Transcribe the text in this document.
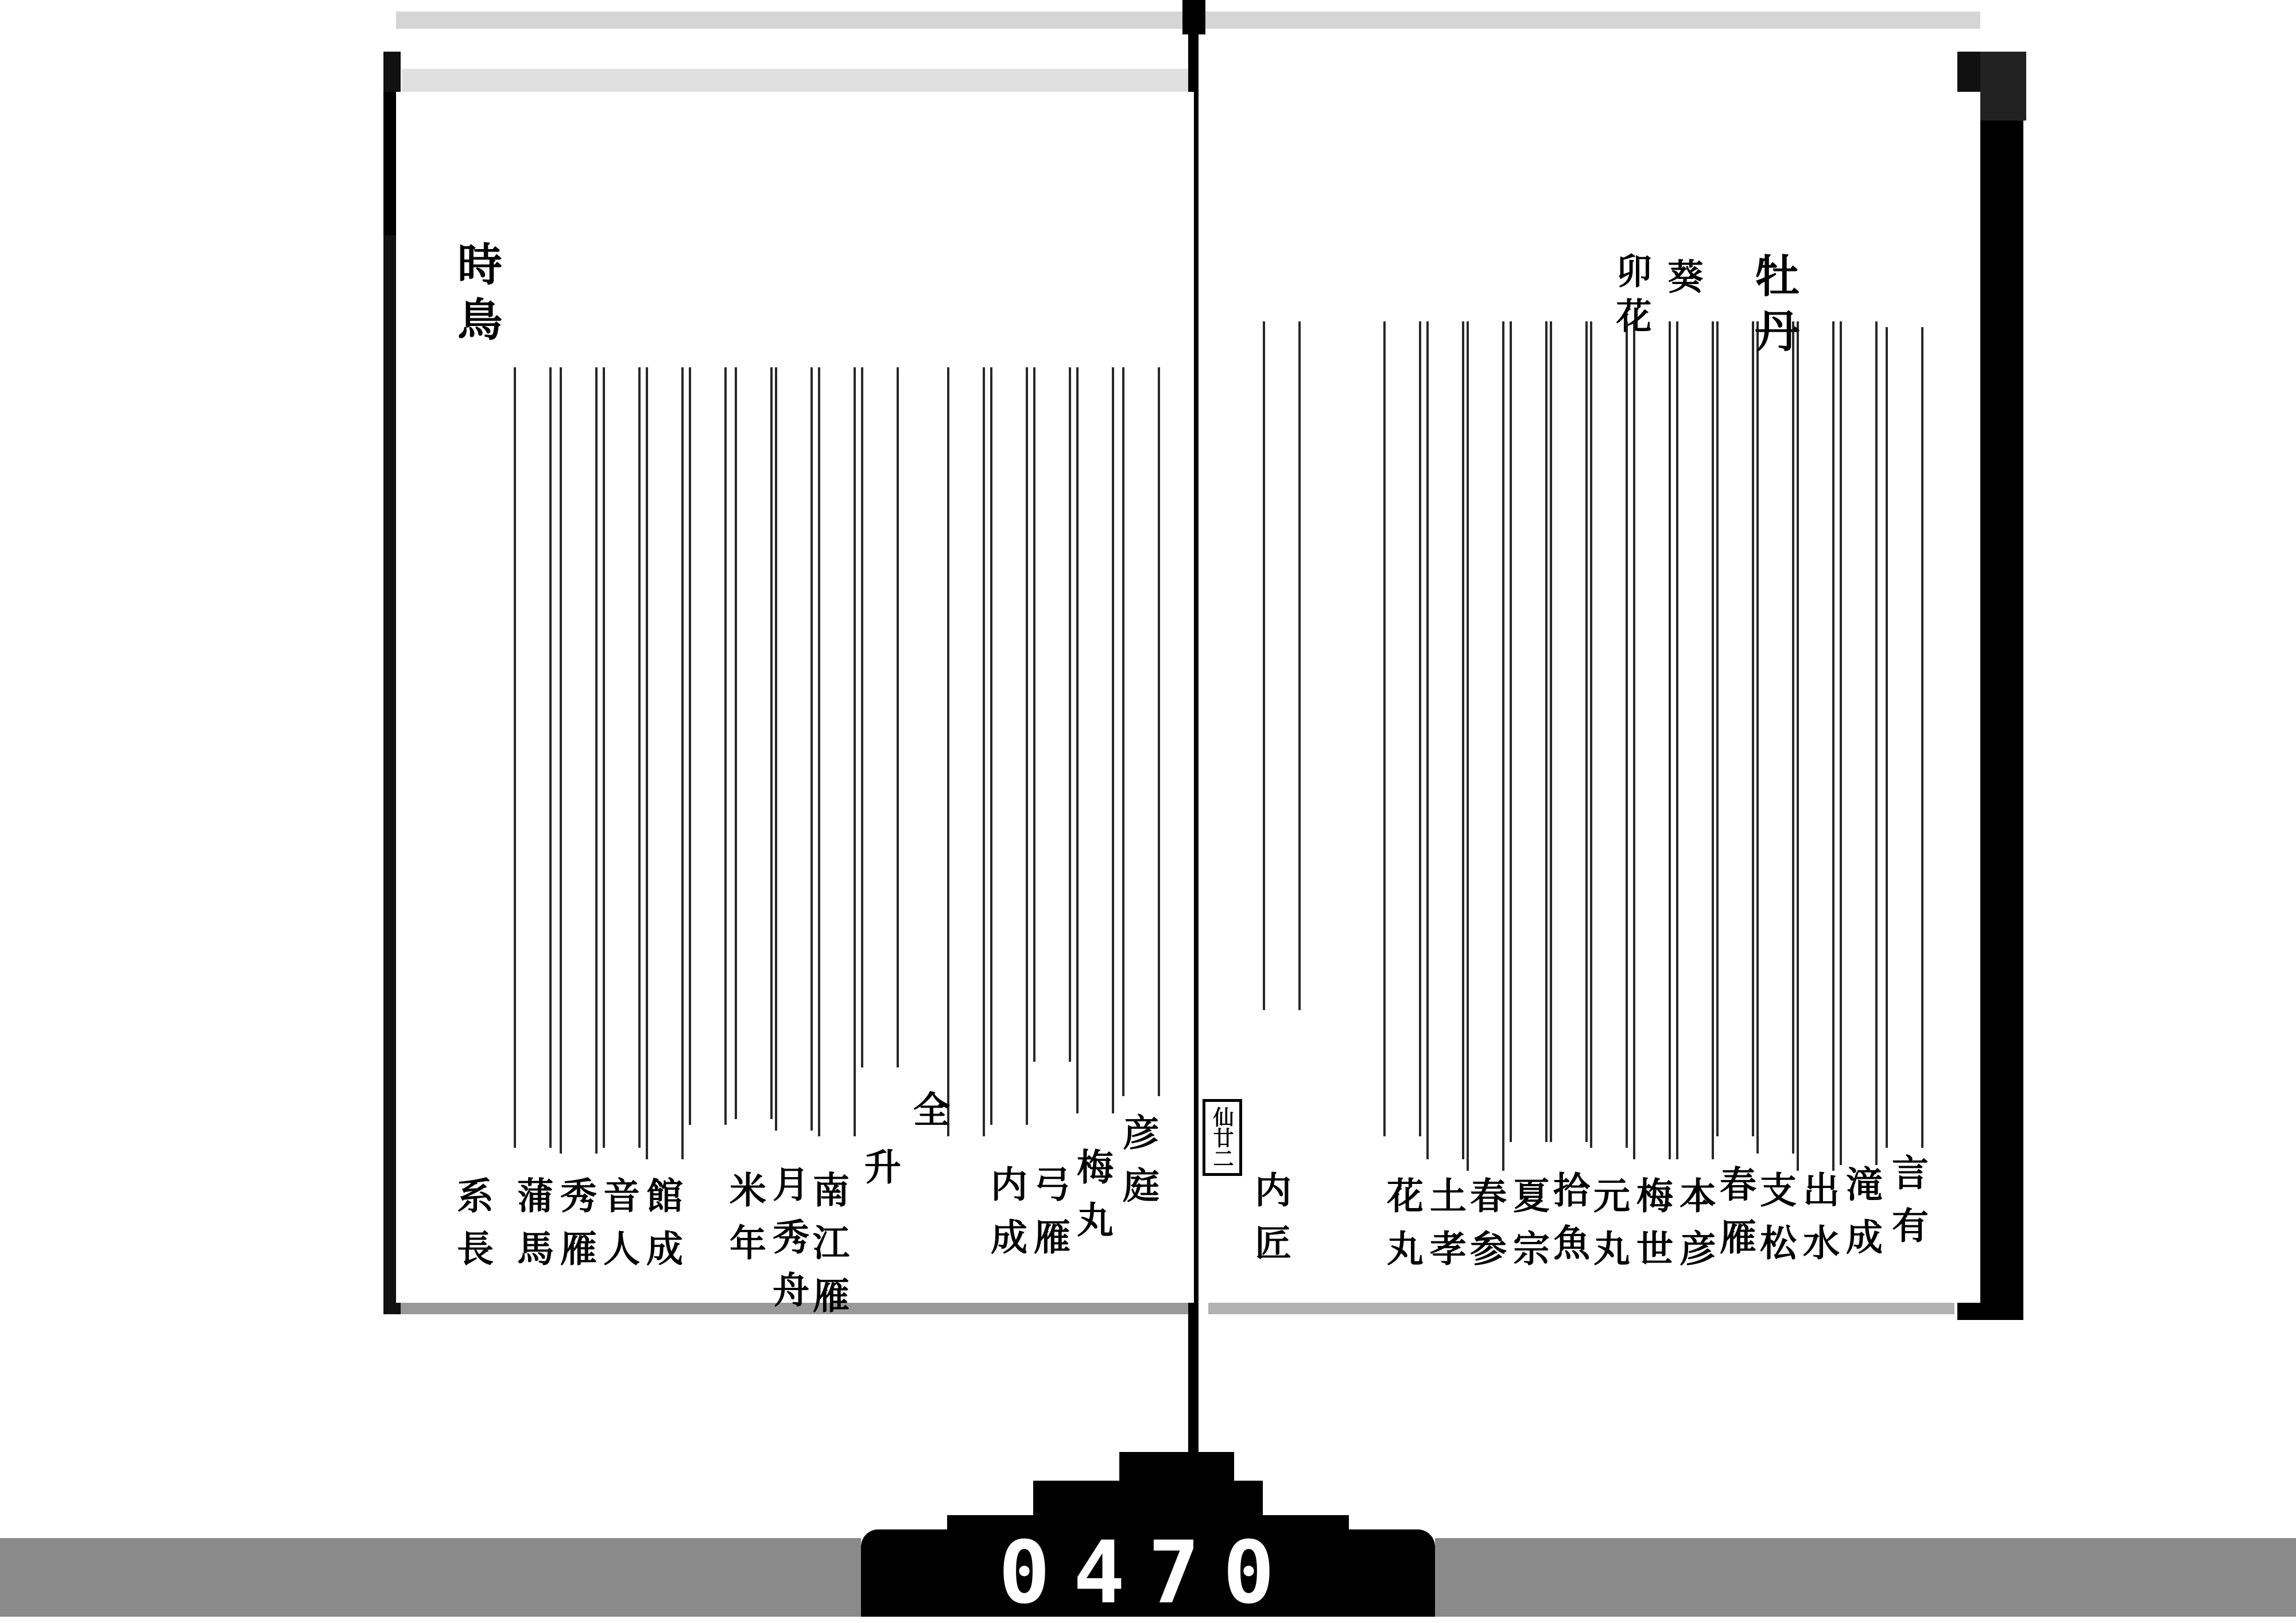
牡丹
葵
卯花
言有
滝成
出水
支松
春雁
本彦
梅世
元丸
拾魚
夏宗
春参
土孝
花丸
内匠
仙廿二
時鳥
彦庭
梅丸
弓雁
内成
全
升
南江雁
月秀舟
米年
館成
音人
秀雁
蒲馬
系長
0470
